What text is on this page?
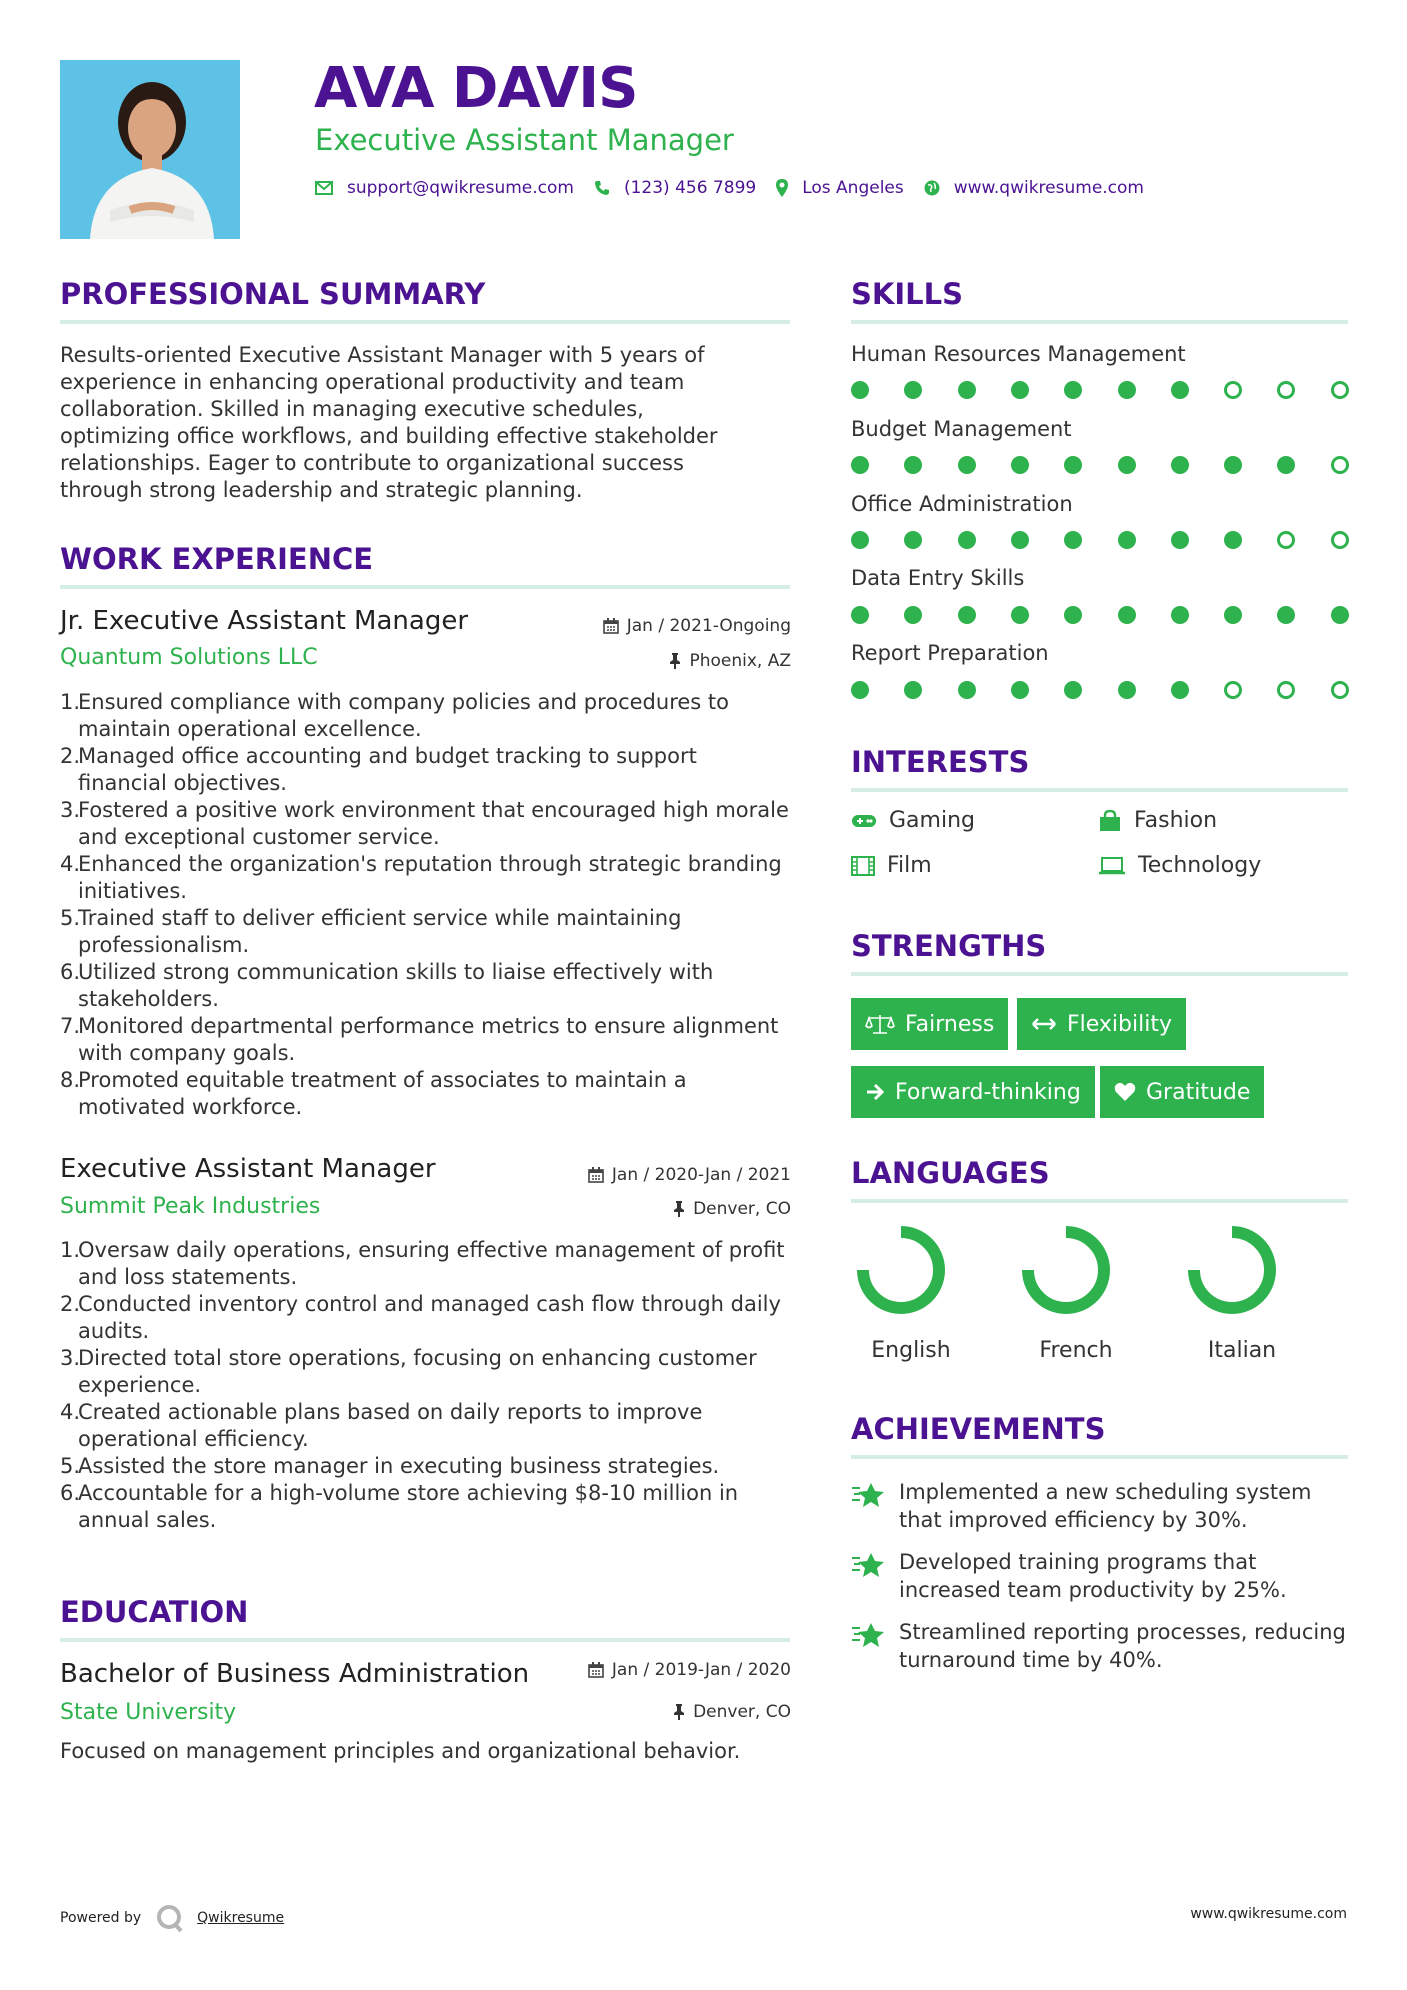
AVA DAVIS
Executive Assistant Manager
support@qwikresume.com	(123) 456 7899	Los Angeles	www.qwikresume.com
PROFESSIONAL SUMMARY
Results-oriented Executive Assistant Manager with 5 years of experience in enhancing operational productivity and team collaboration. Skilled in managing executive schedules, optimizing office workflows, and building effective stakeholder relationships. Eager to contribute to organizational success through strong leadership and strategic planning.
WORK EXPERIENCE
Jr. Executive Assistant Manager	Jan / 2021-Ongoing
Quantum Solutions LLC	Phoenix, AZ
1.
Ensured compliance with company policies and procedures to maintain operational excellence.
2.
Managed office accounting and budget tracking to support financial objectives.
3.
Fostered a positive work environment that encouraged high morale and exceptional customer service.
4.
Enhanced the organization's reputation through strategic branding initiatives.
5.
Trained staff to deliver efficient service while maintaining professionalism.
6.
Utilized strong communication skills to liaise effectively with stakeholders.
7.
Monitored departmental performance metrics to ensure alignment with company goals.
8.
Promoted equitable treatment of associates to maintain a motivated workforce.
Executive Assistant Manager	Jan / 2020-Jan / 2021
Summit Peak Industries	Denver, CO
1.
Oversaw daily operations, ensuring effective management of profit and loss statements.
2.
Conducted inventory control and managed cash flow through daily audits.
3.
Directed total store operations, focusing on enhancing customer experience.
4.
Created actionable plans based on daily reports to improve operational efficiency.
5.
Assisted the store manager in executing business strategies.
6.
Accountable for a high-volume store achieving $8-10 million in annual sales.
EDUCATION
Bachelor of Business Administration	Jan / 2019-Jan / 2020
State University	Denver, CO
Focused on management principles and organizational behavior.
SKILLS
Human Resources Management
Budget Management
Office Administration
Data Entry Skills
Report Preparation
INTERESTS
Gaming	Fashion
Film	Technology
STRENGTHS
Fairness	Flexibility
Forward-thinking	Gratitude
LANGUAGES
English	French	Italian
ACHIEVEMENTS
Implemented a new scheduling system that improved efficiency by 30%.
Developed training programs that increased team productivity by 25%.
Streamlined reporting processes, reducing turnaround time by 40%.
Powered by	Qwikresume	www.qwikresume.com
